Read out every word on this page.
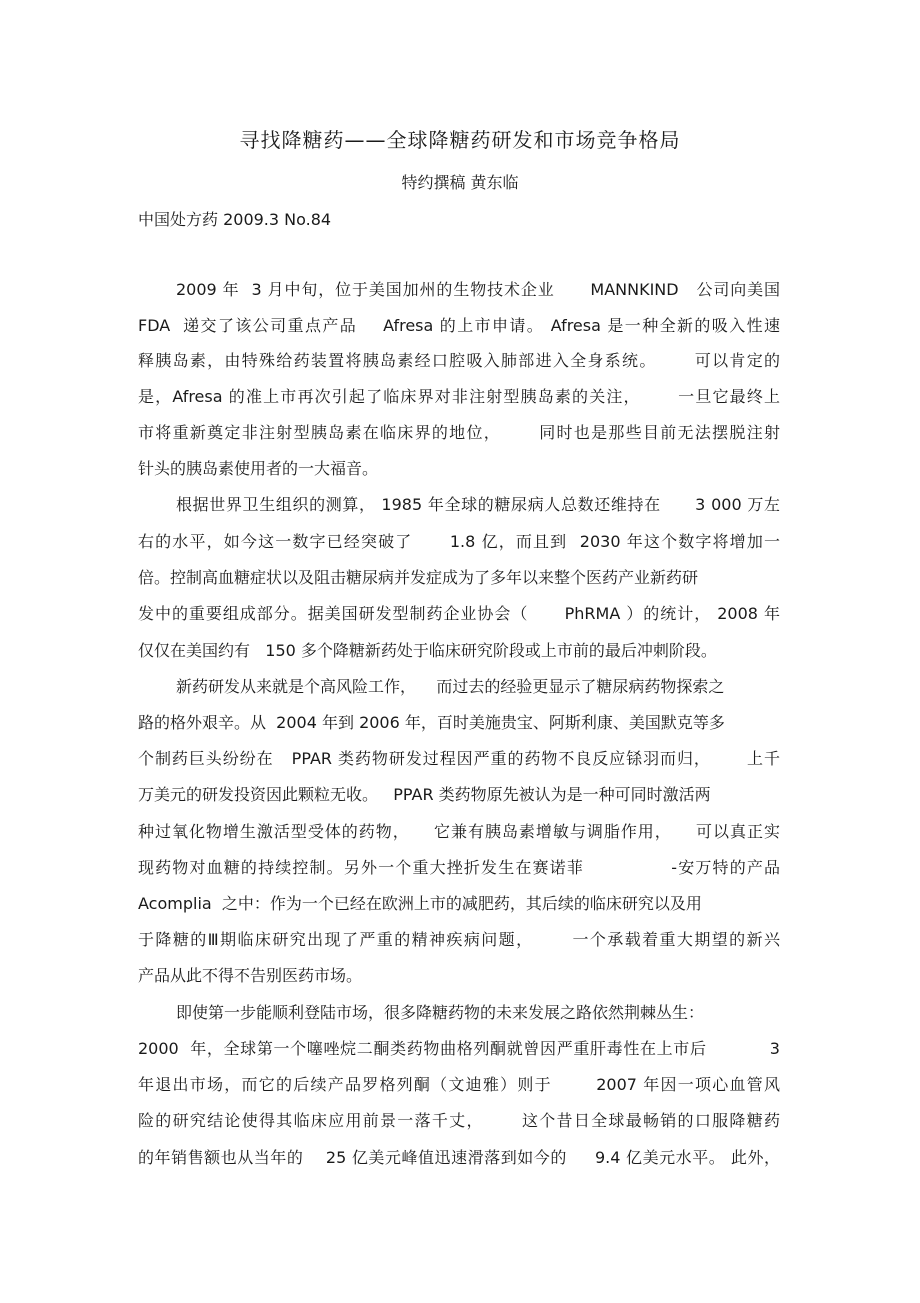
寻找降糖药——全球降糖药研发和市场竞争格局
特约撰稿 黄东临
中国处方药 2009.3 No.84
2009 年  3 月中旬，位于美国加州的生物技术企业      MANNKIND   公司向美国
FDA  递交了该公司重点产品    Afresa 的上市申请。 Afresa 是一种全新的吸入性速
释胰岛素，由特殊给药装置将胰岛素经口腔吸入肺部进入全身系统。      可以肯定的
是，Afresa 的准上市再次引起了临床界对非注射型胰岛素的关注，      一旦它最终上
市将重新奠定非注射型胰岛素在临床界的地位，      同时也是那些目前无法摆脱注射
针头的胰岛素使用者的一大福音。
根据世界卫生组织的测算， 1985 年全球的糖尿病人总数还维持在      3 000 万左
右的水平，如今这一数字已经突破了      1.8 亿，而且到  2030 年这个数字将增加一
倍。控制高血糖症状以及阻击糖尿病并发症成为了多年以来整个医药产业新药研
发中的重要组成部分。据美国研发型制药企业协会（      PhRMA ）的统计， 2008 年
仅仅在美国约有   150 多个降糖新药处于临床研究阶段或上市前的最后冲刺阶段。
新药研发从来就是个高风险工作，    而过去的经验更显示了糖尿病药物探索之
路的格外艰辛。从  2004 年到 2006 年，百时美施贵宝、阿斯利康、美国默克等多
个制药巨头纷纷在   PPAR 类药物研发过程因严重的药物不良反应铩羽而归，      上千
万美元的研发投资因此颗粒无收。   PPAR 类药物原先被认为是一种可同时激活两
种过氧化物增生激活型受体的药物，    它兼有胰岛素增敏与调脂作用，    可以真正实
现药物对血糖的持续控制。另外一个重大挫折发生在赛诺菲              -安万特的产品
Acomplia  之中：作为一个已经在欧洲上市的减肥药，其后续的临床研究以及用
于降糖的Ⅲ期临床研究出现了严重的精神疾病问题，      一个承载着重大期望的新兴
产品从此不得不告别医药市场。
即使第一步能顺利登陆市场，很多降糖药物的未来发展之路依然荆棘丛生：
2000  年，全球第一个噻唑烷二酮类药物曲格列酮就曾因严重肝毒性在上市后           3
年退出市场，而它的后续产品罗格列酮（文迪雅）则于       2007 年因一项心血管风
险的研究结论使得其临床应用前景一落千丈，      这个昔日全球最畅销的口服降糖药
的年销售额也从当年的    25 亿美元峰值迅速滑落到如今的     9.4 亿美元水平。 此外，
